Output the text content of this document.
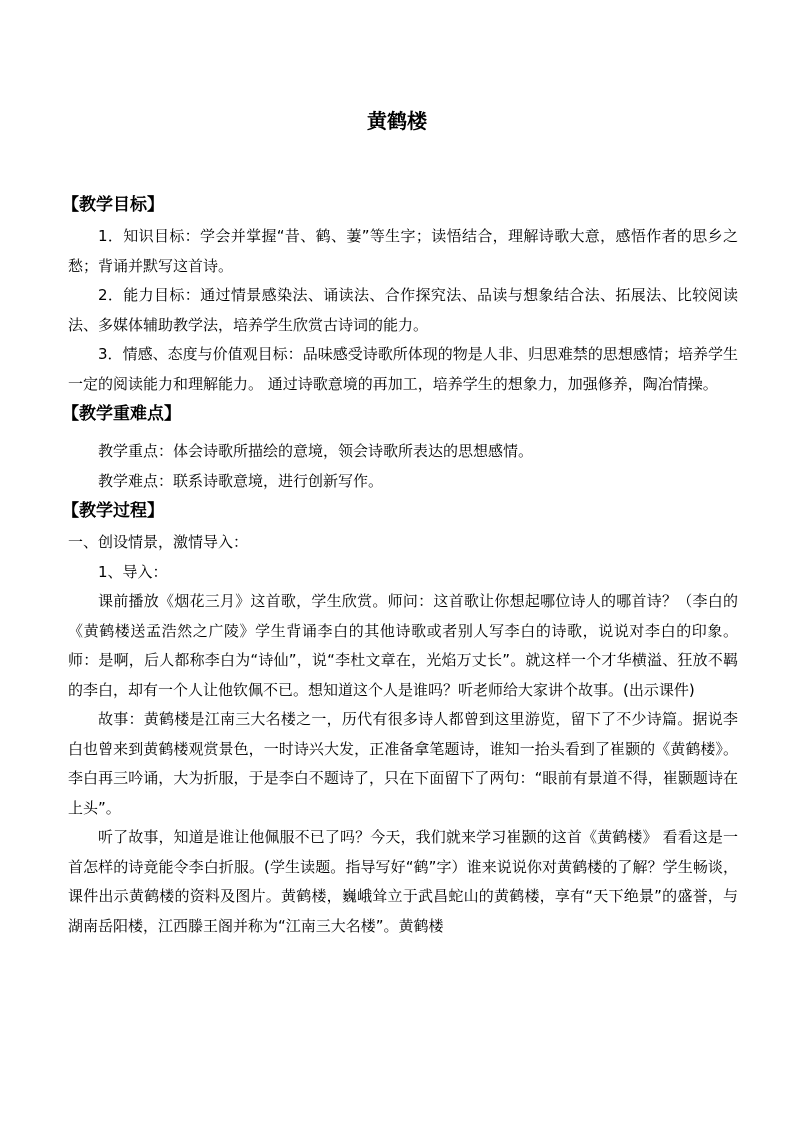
黄鹤楼
【教学目标】

1．知识目标：学会并掌握“昔、鹤、萋”等生字；读悟结合，理解诗歌大意，感悟作者的思乡之愁；背诵并默写这首诗。

2．能力目标：通过情景感染法、诵读法、合作探究法、品读与想象结合法、拓展法、比较阅读法、多媒体辅助教学法，培养学生欣赏古诗词的能力。

3．情感、态度与价值观目标：品味感受诗歌所体现的物是人非、归思难禁的思想感情；培养学生一定的阅读能力和理解能力。 通过诗歌意境的再加工，培养学生的想象力，加强修养，陶冶情操。

【教学重难点】

教学重点：体会诗歌所描绘的意境，领会诗歌所表达的思想感情。

教学难点：联系诗歌意境，进行创新写作。

【教学过程】

一、创设情景，激情导入：

1、导入：

课前播放《烟花三月》这首歌，学生欣赏。师问：这首歌让你想起哪位诗人的哪首诗？（李白的《黄鹤楼送孟浩然之广陵》学生背诵李白的其他诗歌或者别人写李白的诗歌，说说对李白的印象。师：是啊，后人都称李白为“诗仙”，说“李杜文章在，光焰万丈长”。就这样一个才华横溢、狂放不羁的李白，却有一个人让他钦佩不已。想知道这个人是谁吗？听老师给大家讲个故事。(出示课件)

故事：黄鹤楼是江南三大名楼之一，历代有很多诗人都曾到这里游览，留下了不少诗篇。据说李白也曾来到黄鹤楼观赏景色，一时诗兴大发，正准备拿笔题诗，谁知一抬头看到了崔颢的《黄鹤楼》。李白再三吟诵，大为折服，于是李白不题诗了，只在下面留下了两句：“眼前有景道不得，崔颢题诗在上头”。

听了故事，知道是谁让他佩服不已了吗？今天，我们就来学习崔颢的这首《黄鹤楼》 看看这是一首怎样的诗竟能令李白折服。(学生读题。指导写好“鹤”字）谁来说说你对黄鹤楼的了解？学生畅谈，课件出示黄鹤楼的资料及图片。黄鹤楼，巍峨耸立于武昌蛇山的黄鹤楼，享有“天下绝景”的盛誉，与湖南岳阳楼，江西滕王阁并称为“江南三大名楼”。黄鹤楼
